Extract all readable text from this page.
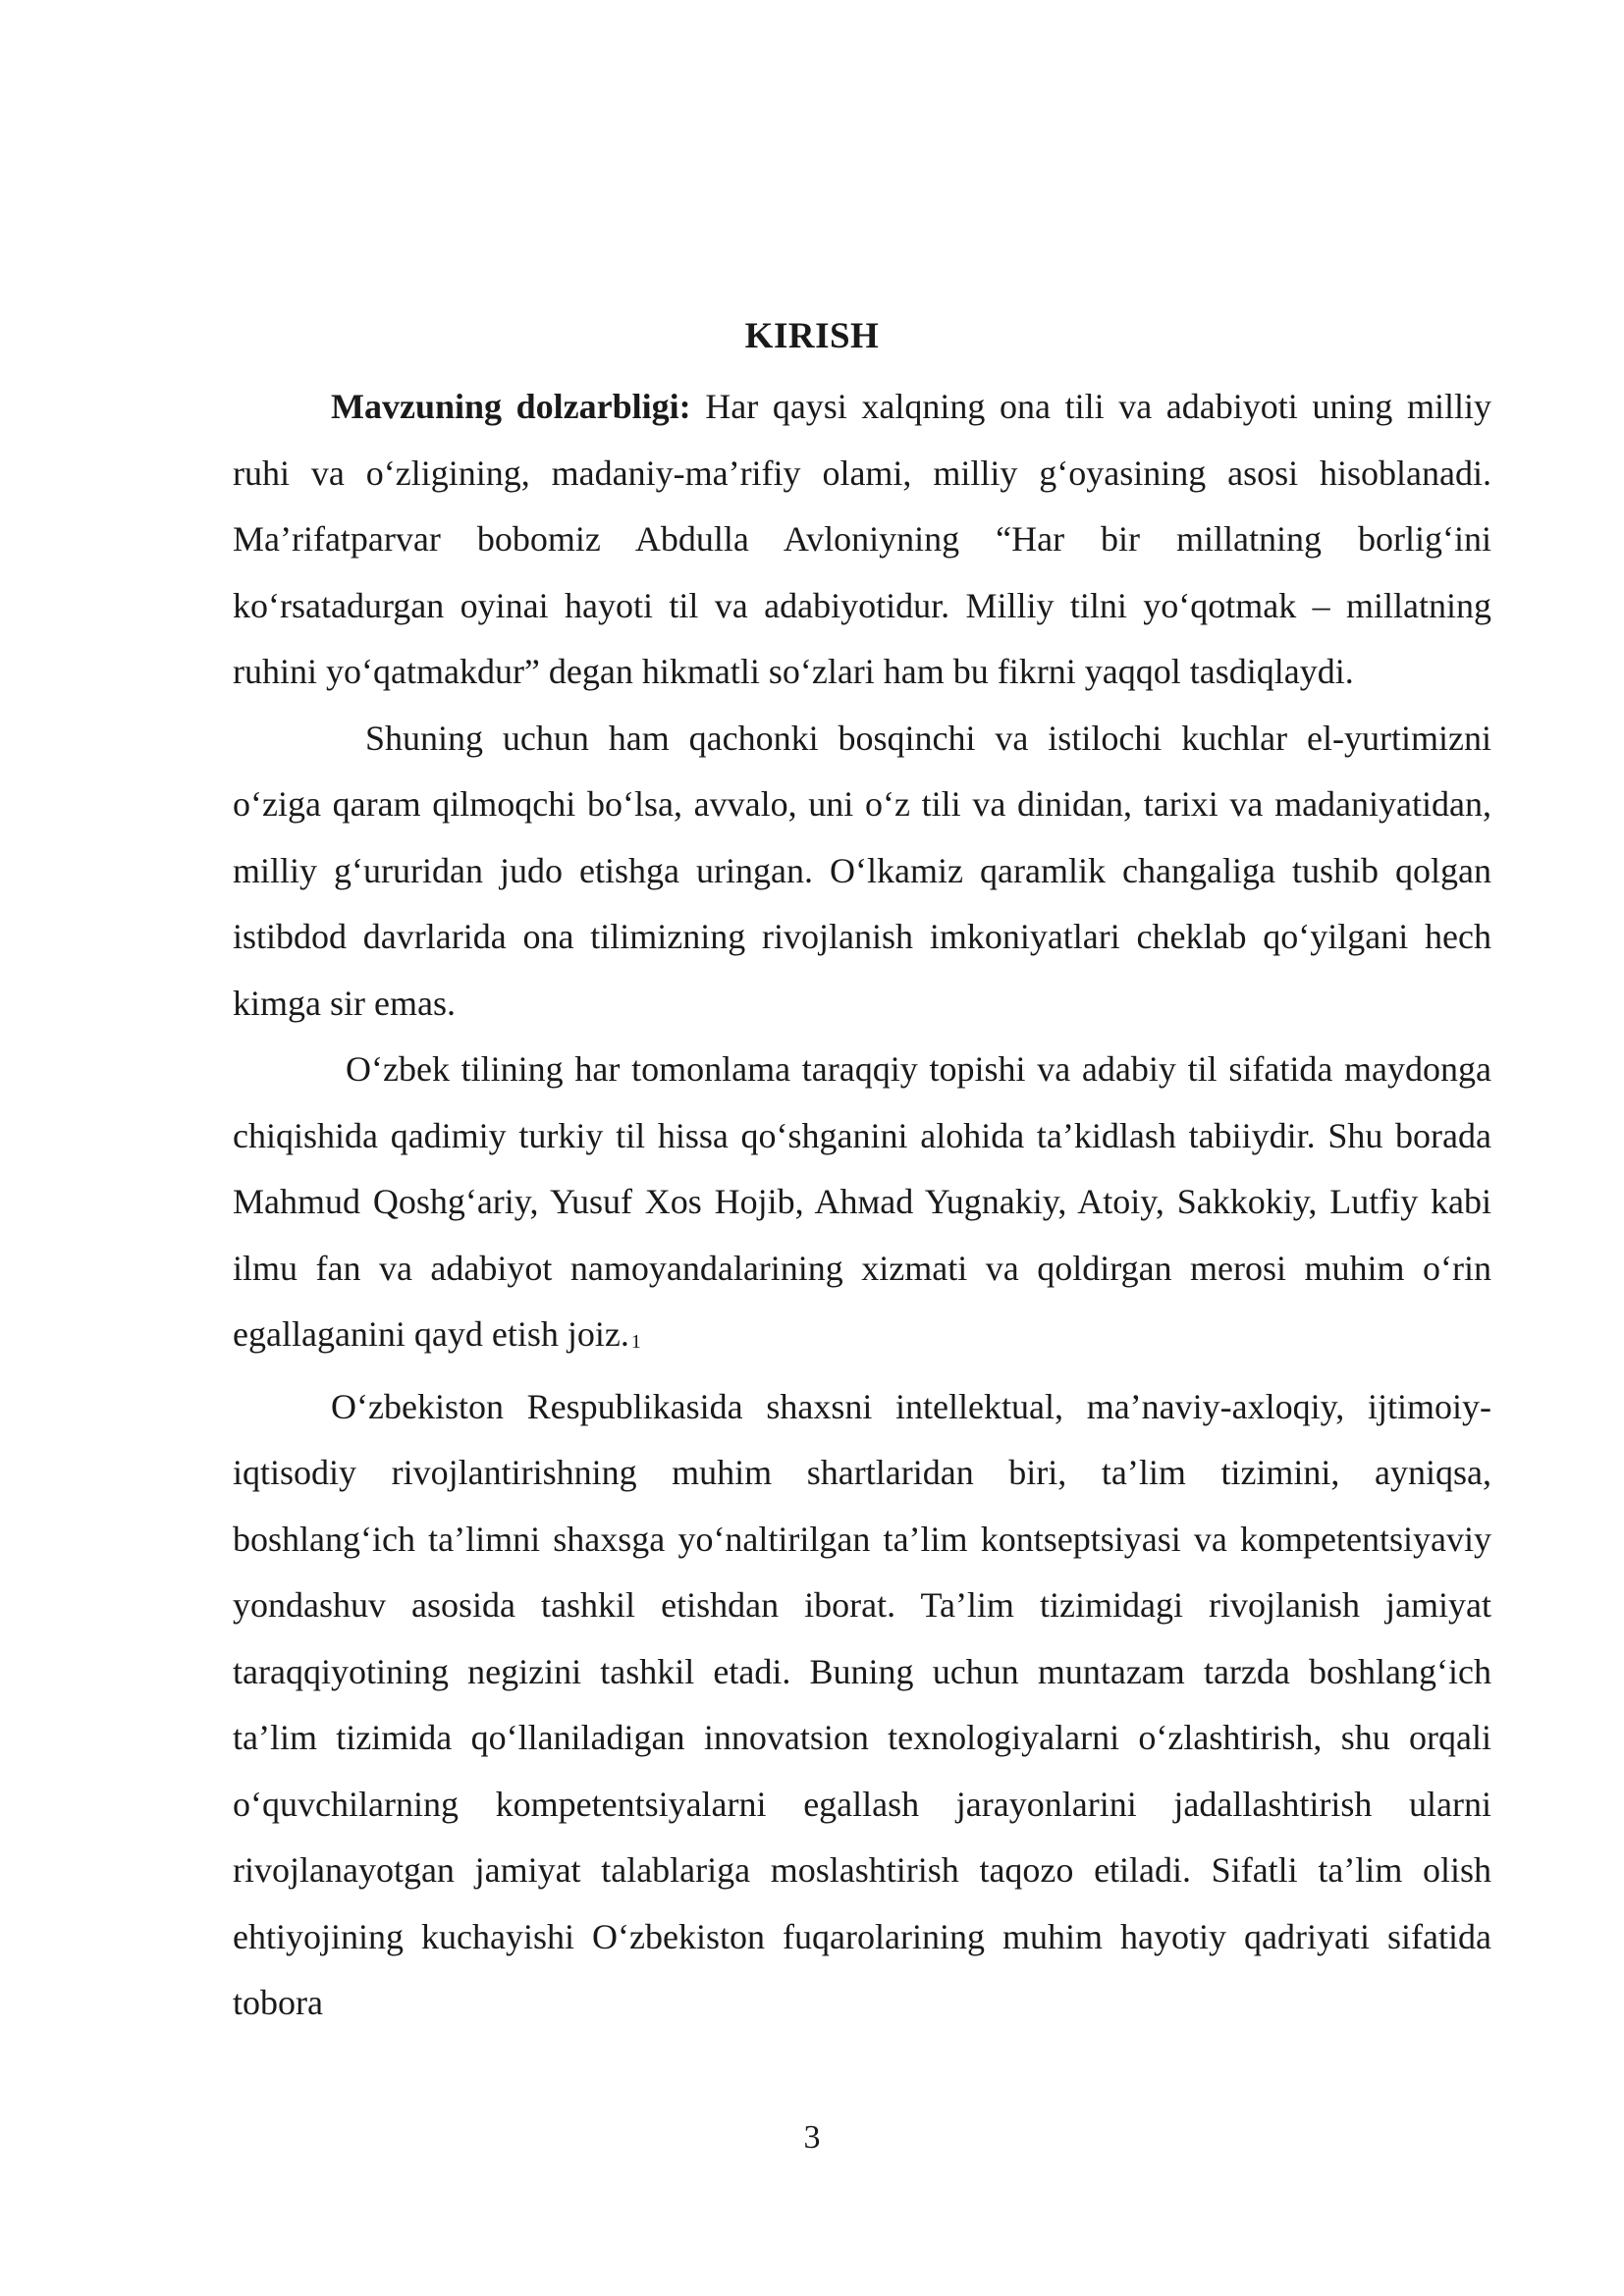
KIRISH

Mavzuning dolzarbligi: Har qaysi xalqning ona tili va adabiyoti uning milliy ruhi va o‘zligining, madaniy-ma’rifiy olami, milliy g‘oyasining asosi hisoblanadi. Ma’rifatparvar bobomiz Abdulla Avloniyning “Har bir millatning borlig‘ini ko‘rsatadurgan oyinai hayoti til va adabiyotidur. Milliy tilni yo‘qotmak – millatning ruhini yo‘qatmakdur” degan hikmatli so‘zlari ham bu fikrni yaqqol tasdiqlaydi.

Shuning uchun ham qachonki bosqinchi va istilochi kuchlar el-yurtimizni o‘ziga qaram qilmoqchi bo‘lsa, avvalo, uni o‘z tili va dinidan, tarixi va madaniyatidan, milliy g‘ururidan judo etishga uringan. O‘lkamiz qaramlik changaliga tushib qolgan istibdod davrlarida ona tilimizning rivojlanish imkoniyatlari cheklab qo‘yilgani hech kimga sir emas.

O‘zbek tilining har tomonlama taraqqiy topishi va adabiy til sifatida maydonga chiqishida qadimiy turkiy til hissa qo‘shganini alohida ta’kidlash tabiiydir. Shu borada Mahmud Qoshg‘ariy, Yusuf Xos Hojib, Ahмad Yugnakiy, Atoiy, Sakkokiy, Lutfiy kabi ilmu fan va adabiyot namoyandalarining xizmati va qoldirgan merosi muhim o‘rin egallaganini qayd etish joiz. 1

O‘zbekiston Respublikasida shaxsni intellektual, ma’naviy-axloqiy, ijtimoiy-iqtisodiy rivojlantirishning muhim shartlaridan biri, ta’lim tizimini, ayniqsa, boshlang‘ich ta’limni shaxsga yo‘naltirilgan ta’lim kontseptsiyasi va kompetentsiyaviy yondashuv asosida tashkil etishdan iborat. Ta’lim tizimidagi rivojlanish jamiyat taraqqiyotining negizini tashkil etadi. Buning uchun muntazam tarzda boshlang‘ich ta’lim tizimida qo‘llaniladigan innovatsion texnologiyalarni o‘zlashtirish, shu orqali o‘quvchilarning kompetentsiyalarni egallash jarayonlarini jadallashtirish ularni rivojlanayotgan jamiyat talablariga moslashtirish taqozo etiladi. Sifatli ta’lim olish ehtiyojining kuchayishi O‘zbekiston fuqarolarining muhim hayotiy qadriyati sifatida tobora

3
